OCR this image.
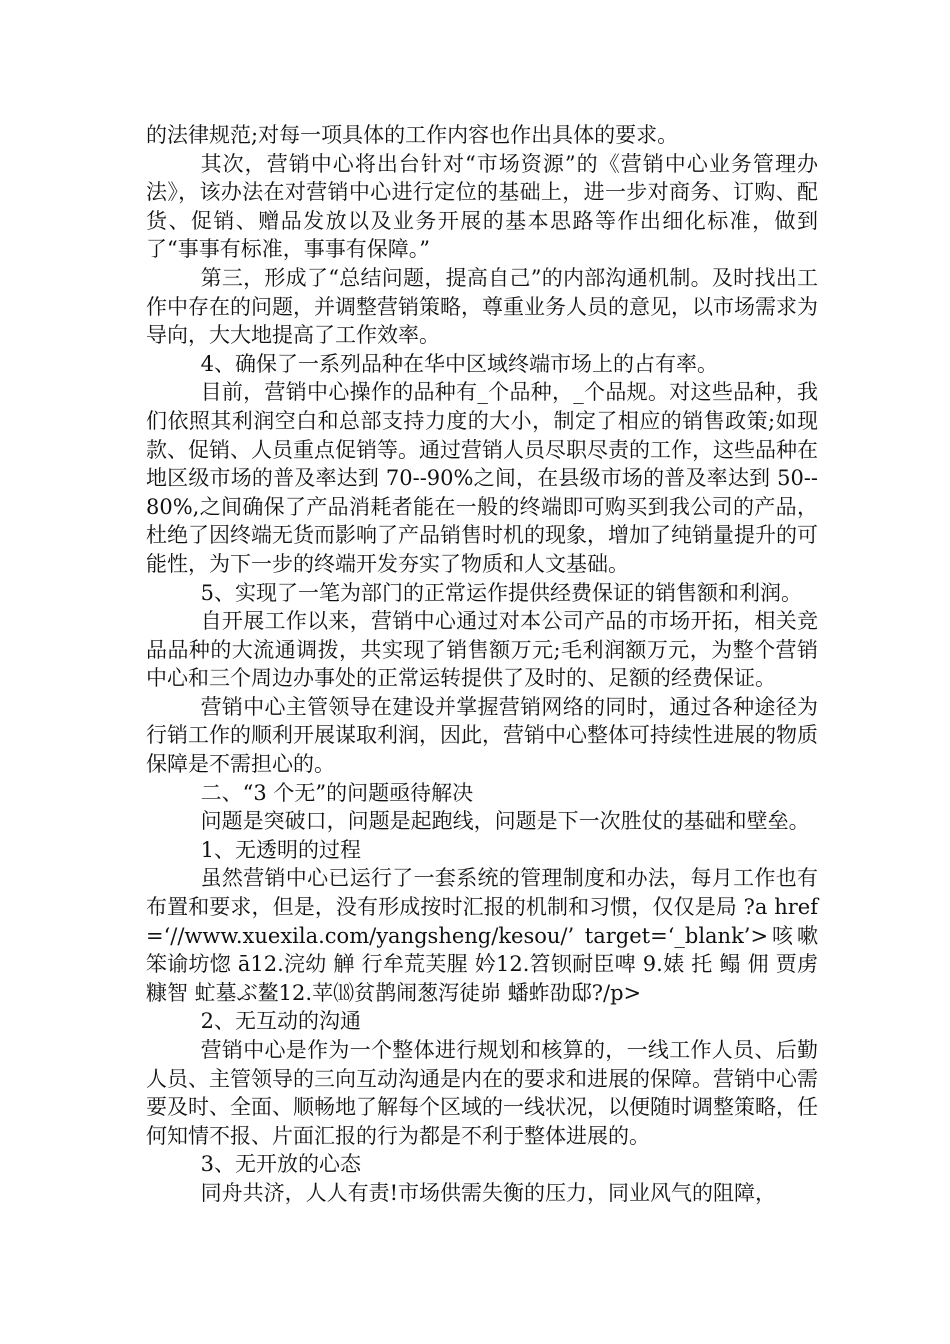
的法律规范;对每一项具体的工作内容也作出具体的要求。

其次，营销中心将出台针对“市场资源”的《营销中心业务管理办法》，该办法在对营销中心进行定位的基础上，进一步对商务、订购、配货、促销、赠品发放以及业务开展的基本思路等作出细化标准，做到了“事事有标准，事事有保障。”

第三，形成了“总结问题，提高自己”的内部沟通机制。及时找出工作中存在的问题，并调整营销策略，尊重业务人员的意见，以市场需求为导向，大大地提高了工作效率。

4、确保了一系列品种在华中区域终端市场上的占有率。

目前，营销中心操作的品种有_个品种，_个品规。对这些品种，我们依照其利润空白和总部支持力度的大小，制定了相应的销售政策;如现款、促销、人员重点促销等。通过营销人员尽职尽责的工作，这些品种在地区级市场的普及率达到 70--90%之间，在县级市场的普及率达到 50--80%,之间确保了产品消耗者能在一般的终端即可购买到我公司的产品，杜绝了因终端无货而影响了产品销售时机的现象，增加了纯销量提升的可能性，为下一步的终端开发夯实了物质和人文基础。

5、实现了一笔为部门的正常运作提供经费保证的销售额和利润。

自开展工作以来，营销中心通过对本公司产品的市场开拓，相关竞品品种的大流通调拨，共实现了销售额万元;毛利润额万元，为整个营销中心和三个周边办事处的正常运转提供了及时的、足额的经费保证。

营销中心主管领导在建设并掌握营销网络的同时，通过各种途径为行销工作的顺利开展谋取利润，因此，营销中心整体可持续性进展的物质保障是不需担心的。

二、“3 个无”的问题亟待解决

问题是突破口，问题是起跑线，问题是下一次胜仗的基础和壁垒。

1、无透明的过程

虽然营销中心已运行了一套系统的管理制度和办法，每月工作也有布置和要求，但是，没有形成按时汇报的机制和习惯，仅仅是局 ?a href=‘//www.xuexila.com/yangsheng/kesou/’ target=‘_blank’>咳嗽笨谕坊惚 ā12.浣幼 觯 行牟荒芙腥 妗12.笤钡耐臣啤 9.婊 托 鳎 佣 贾虏糠智 虻墓ぶ鳌12.苹⒅贫鹊闹葱泻徒峁 蟠蚱劭邸?/p>

2、无互动的沟通

营销中心是作为一个整体进行规划和核算的，一线工作人员、后勤人员、主管领导的三向互动沟通是内在的要求和进展的保障。营销中心需要及时、全面、顺畅地了解每个区域的一线状况，以便随时调整策略，任何知情不报、片面汇报的行为都是不利于整体进展的。

3、无开放的心态

同舟共济，人人有责!市场供需失衡的压力，同业风气的阻障，
